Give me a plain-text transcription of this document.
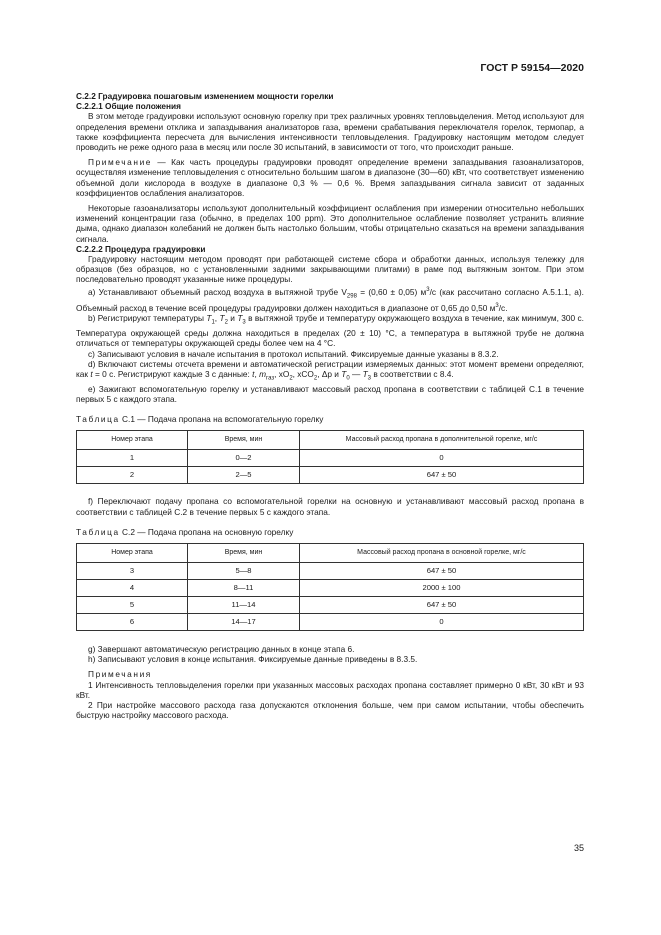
ГОСТ Р 59154—2020

С.2.2 Градуировка пошаговым изменением мощности горелки

С.2.2.1 Общие положения

В этом методе градуировки используют основную горелку при трех различных уровнях тепловыделения. Метод используют для определения времени отклика и запаздывания анализаторов газа, времени срабатывания переключателя горелок, термопар, а также коэффициента пересчета для вычисления интенсивности тепловыделения. Градуировку настоящим методом следует проводить не реже одного раза в месяц или после 30 испытаний, в зависимости от того, что происходит раньше.

Примечание — Как часть процедуры градуировки проводят определение времени запаздывания газоанализаторов, осуществляя изменение тепловыделения с относительно большим шагом в диапазоне (30—60) кВт, что соответствует изменению объемной доли кислорода в воздухе в диапазоне 0,3 % — 0,6 %. Время запаздывания сигнала зависит от заданных коэффициентов ослабления анализаторов.

Некоторые газоанализаторы используют дополнительный коэффициент ослабления при измерении относительно небольших изменений концентрации газа (обычно, в пределах 100 ppm). Это дополнительное ослабление позволяет устранить влияние дыма, однако диапазон колебаний не должен быть настолько большим, чтобы отрицательно сказаться на времени запаздывания сигнала.

С.2.2.2 Процедура градуировки

Градуировку настоящим методом проводят при работающей системе сбора и обработки данных, используя тележку для образцов (без образцов, но с установленными задними закрывающими плитами) в раме под вытяжным зонтом. При этом последовательно проводят указанные ниже процедуры.

a) Устанавливают объемный расход воздуха в вытяжной трубе $V_{298} = (0,60 \pm 0,05)$ $м^3/с$ (как рассчитано согласно А.5.1.1, а). Объемный расход в течение всей процедуры градуировки должен находиться в диапазоне от 0,65 до 0,50 $м^3/с$.

b) Регистрируют температуры $T_1$, $T_2$ и $T_3$ в вытяжной трубе и температуру окружающего воздуха в течение, как минимум, 300 с. Температура окружающей среды должна находиться в пределах (20 ± 10) °С, а температура в вытяжной трубе не должна отличаться от температуры окружающей среды более чем на 4 °С.

c) Записывают условия в начале испытания в протокол испытаний. Фиксируемые данные указаны в 8.3.2.

d) Включают системы отсчета времени и автоматической регистрации измеряемых данных: этот момент времени определяют, как t = 0 с. Регистрируют каждые 3 с данные: t, $m_{газ}$, $xO_2$, xCO$_2$, Δp и $T_0$ — $T_3$ в соответствии с 8.4.

e) Зажигают вспомогательную горелку и устанавливают массовый расход пропана в соответствии с таблицей С.1 в течение первых 5 с каждого этапа.

Таблица С.1 — Подача пропана на вспомогательную горелку
Номер этапа	Время, мин	Массовый расход пропана в дополнительной горелке, мг/с
1	0—2	0
2	2—5	647 ± 50

f) Переключают подачу пропана со вспомогательной горелки на основную и устанавливают массовый расход пропана в соответствии с таблицей С.2 в течение первых 5 с каждого этапа.

Таблица С.2 — Подача пропана на основную горелку
Номер этапа	Время, мин	Массовый расход пропана в основной горелке, мг/с
3	5—8	647 ± 50
4	8—11	2000 ± 100
5	11—14	647 ± 50
6	14—17	0

g) Завершают автоматическую регистрацию данных в конце этапа 6.

h) Записывают условия в конце испытания. Фиксируемые данные приведены в 8.3.5.

Примечания

1 Интенсивность тепловыделения горелки при указанных массовых расходах пропана составляет примерно 0 кВт, 30 кВт и 93 кВт.

2 При настройке массового расхода газа допускаются отклонения больше, чем при самом испытании, чтобы обеспечить быструю настройку массового расхода.

35
